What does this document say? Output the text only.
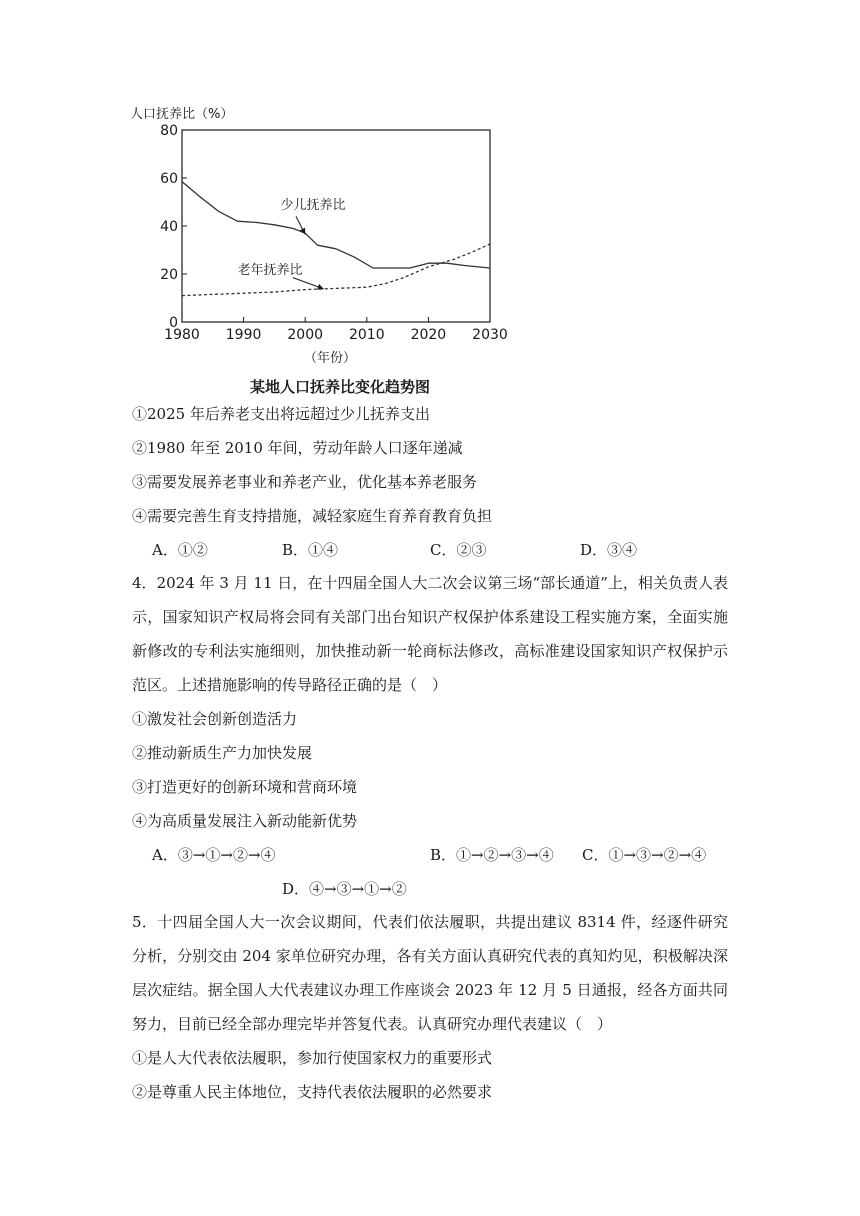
人口抚养比（%）
（年份）
某地人口抚养比变化趋势图
0
20
40
60
80
1980 1990 2000 2010 2020 2030
少儿抚养比
老年抚养比
①2025 年后养老支出将远超过少儿抚养支出
②1980 年至 2010 年间，劳动年龄人口逐年递减
③需要发展养老事业和养老产业，优化基本养老服务
④需要完善生育支持措施，减轻家庭生育养育教育负担
A．①②	B．①④	C．②③	D．③④
4．2024 年 3 月 11 日，在十四届全国人大二次会议第三场“部长通道”上，相关负责人表示，国家知识产权局将会同有关部门出台知识产权保护体系建设工程实施方案，全面实施新修改的专利法实施细则，加快推动新一轮商标法修改，高标准建设国家知识产权保护示范区。上述措施影响的传导路径正确的是（　）
①激发社会创新创造活力
②推动新质生产力加快发展
③打造更好的创新环境和营商环境
④为高质量发展注入新动能新优势
A．③→①→②→④	B．①→②→③→④ C．①→③→②→④
D．④→③→①→②
5．十四届全国人大一次会议期间，代表们依法履职，共提出建议 8314 件，经逐件研究分析，分别交由 204 家单位研究办理，各有关方面认真研究代表的真知灼见，积极解决深层次症结。据全国人大代表建议办理工作座谈会 2023 年 12 月 5 日通报，经各方面共同努力，目前已经全部办理完毕并答复代表。认真研究办理代表建议（　）
①是人大代表依法履职，参加行使国家权力的重要形式
②是尊重人民主体地位，支持代表依法履职的必然要求
